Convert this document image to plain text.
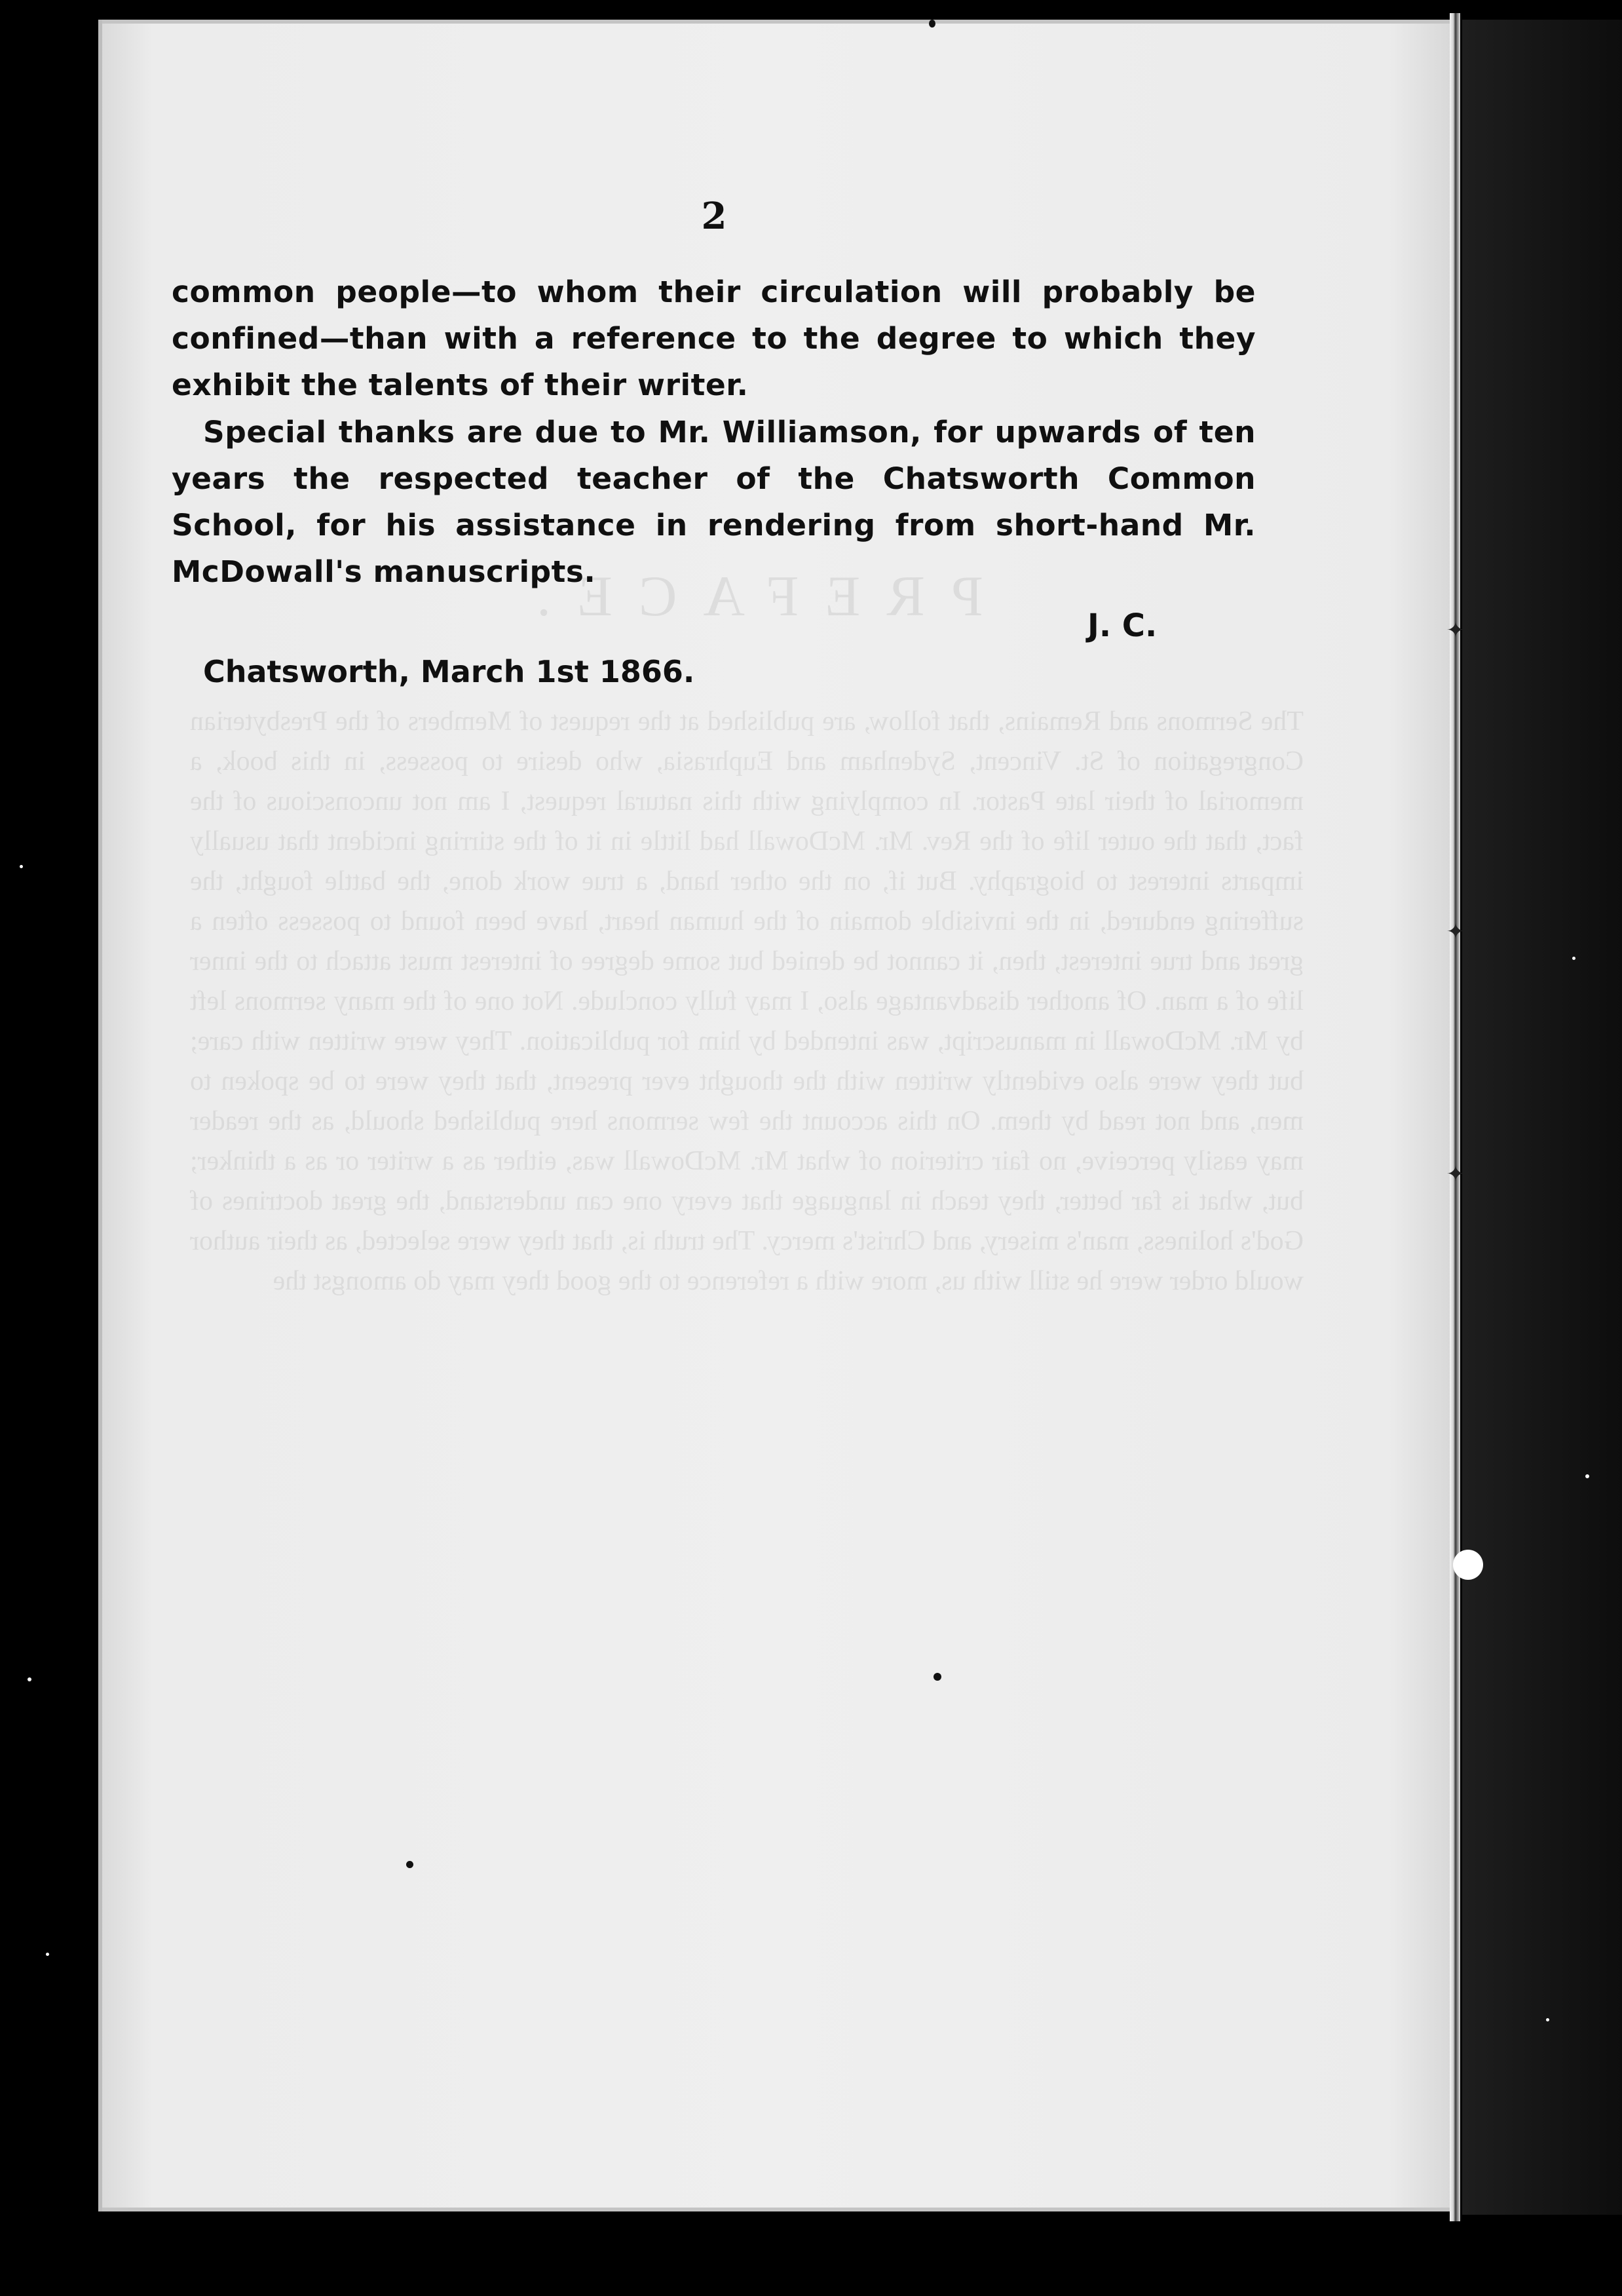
PREFACE.
The Sermons and Remains, that follow, are published at the request of Members of the Presbyterian Congregation of St. Vincent, Sydenham and Euphrasia, who desire to possess, in this book, a memorial of their late Pastor. In complying with this natural request, I am not unconscious of the fact, that the outer life of the Rev. Mr. McDowall had little in it of the stirring incident that usually imparts interest to biography. But if, on the other hand, a true work done, the battle fought, the suffering endured, in the invisible domain of the human heart, have been found to possess often a great and true interest, then, it cannot be denied but some degree of interest must attach to the inner life of a man. Of another disadvantage also, I may fully conclude. Not one of the many sermons left by Mr. McDowall in manuscript, was intended by him for publication. They were written with care; but they were also evidently written with the thought ever present, that they were to be spoken to men, and not read by them. On this account the few sermons here published should, as the reader may easily perceive, no fair criterion of what Mr. McDowall was, either as a writer or as a thinker; but, what is far better, they teach in language that every one can understand, the great doctrines of God's holiness, man's misery, and Christ's mercy. The truth is, that they were selected, as their author would order were he still with us, more with a reference to the good they may do amongst the
2

common people—to whom their circulation will probably be confined—than with a reference to the degree to which they exhibit the talents of their writer.

Special thanks are due to Mr. Williamson, for upwards of ten years the respected teacher of the Chatsworth Common School, for his assistance in rendering from short-hand Mr. McDowall's manuscripts.

J. C.
Chatsworth, March 1st 1866.
✦
✦
✦
